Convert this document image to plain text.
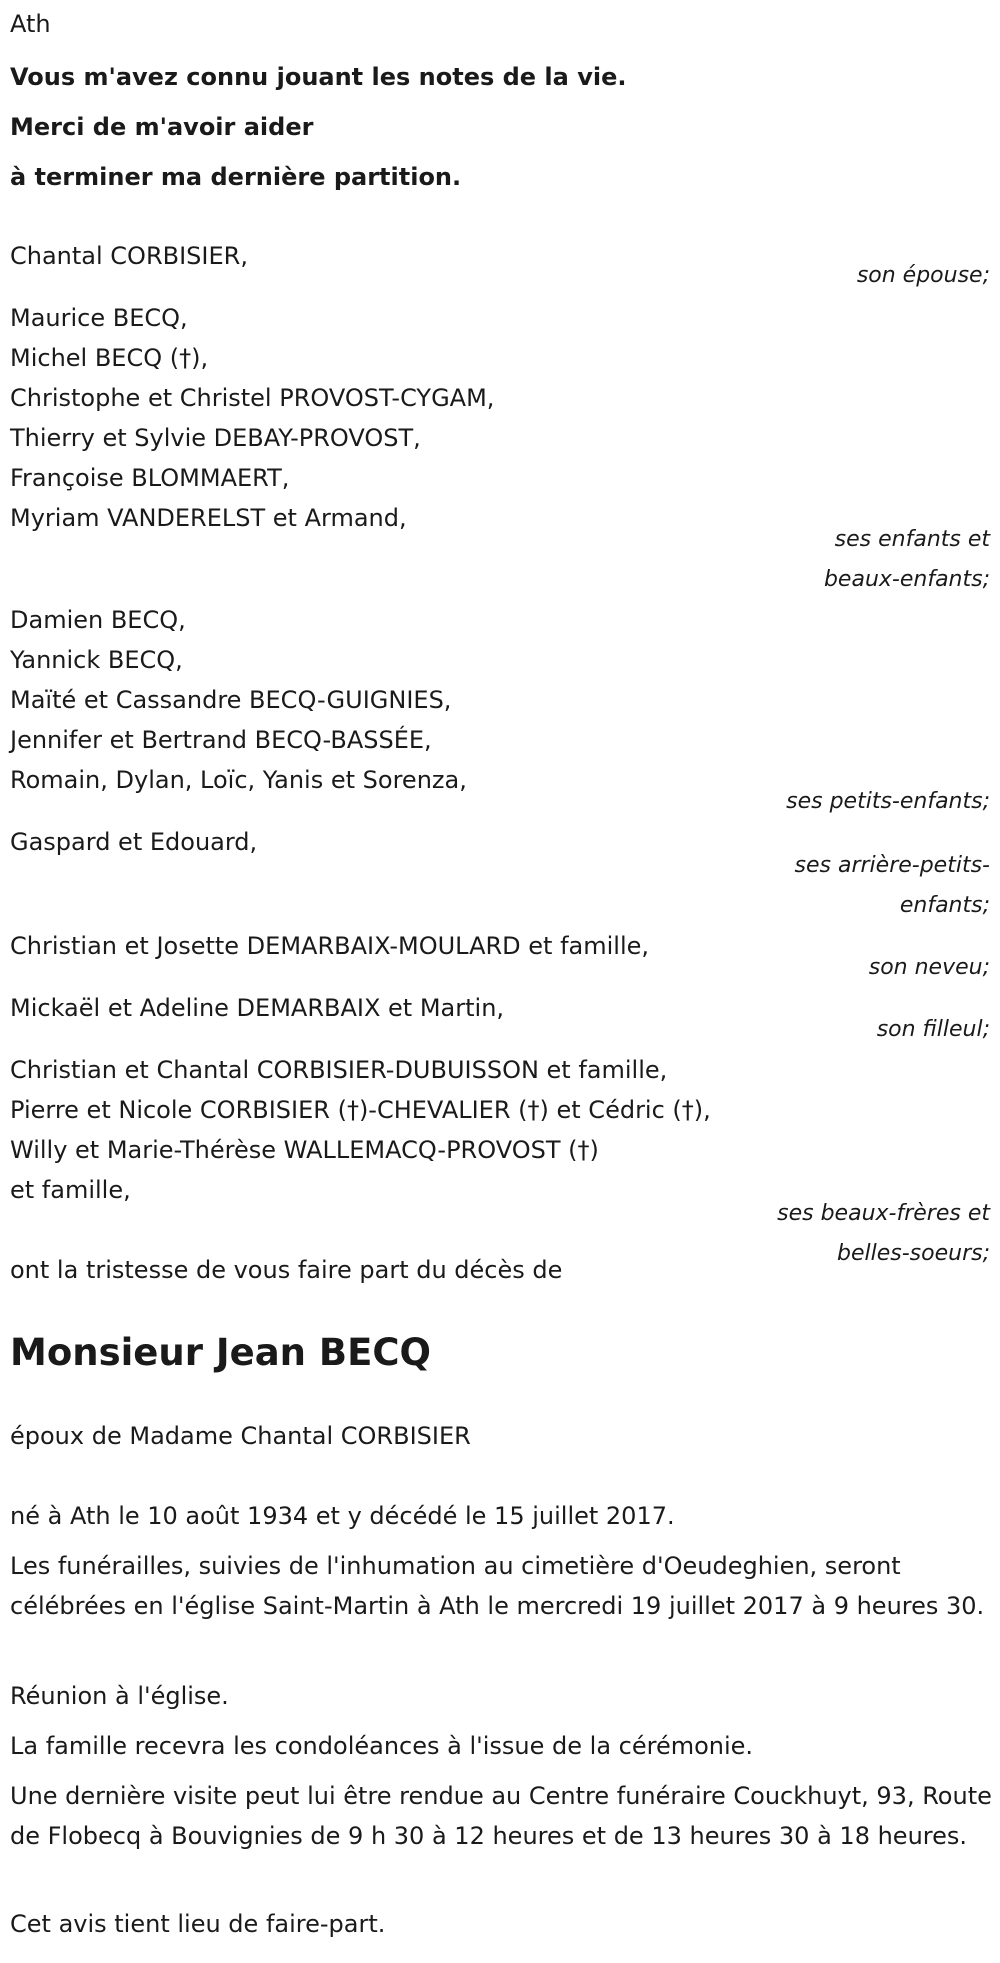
Ath

Vous m'avez connu jouant les notes de la vie.

Merci de m'avoir aider

à terminer ma dernière partition.

Chantal CORBISIER,

son épouse;

Maurice BECQ,

Michel BECQ (†),

Christophe et Christel PROVOST-CYGAM,

Thierry et Sylvie DEBAY-PROVOST,

Françoise BLOMMAERT,

Myriam VANDERELST et Armand,

ses enfants et

beaux-enfants;

Damien BECQ,

Yannick BECQ,

Maïté et Cassandre BECQ-GUIGNIES,

Jennifer et Bertrand BECQ-BASSÉE,

Romain, Dylan, Loïc, Yanis et Sorenza,

ses petits-enfants;

Gaspard et Edouard,

ses arrière-petits-

enfants;

Christian et Josette DEMARBAIX-MOULARD et famille,

son neveu;

Mickaël et Adeline DEMARBAIX et Martin,

son filleul;

Christian et Chantal CORBISIER-DUBUISSON et famille,

Pierre et Nicole CORBISIER (†)-CHEVALIER (†) et Cédric (†),

Willy et Marie-Thérèse WALLEMACQ-PROVOST (†)

et famille,

ses beaux-frères et

belles-soeurs;

ont la tristesse de vous faire part du décès de

Monsieur Jean BECQ

époux de Madame Chantal CORBISIER

né à Ath le 10 août 1934 et y décédé le 15 juillet 2017.

Les funérailles, suivies de l'inhumation au cimetière d'Oeudeghien, seront célébrées en l'église Saint-Martin à Ath le mercredi 19 juillet 2017 à 9 heures 30.

Réunion à l'église.

La famille recevra les condoléances à l'issue de la cérémonie.

Une dernière visite peut lui être rendue au Centre funéraire Couckhuyt, 93, Route de Flobecq à Bouvignies de 9 h 30 à 12 heures et de 13 heures 30 à 18 heures.

Cet avis tient lieu de faire-part.
